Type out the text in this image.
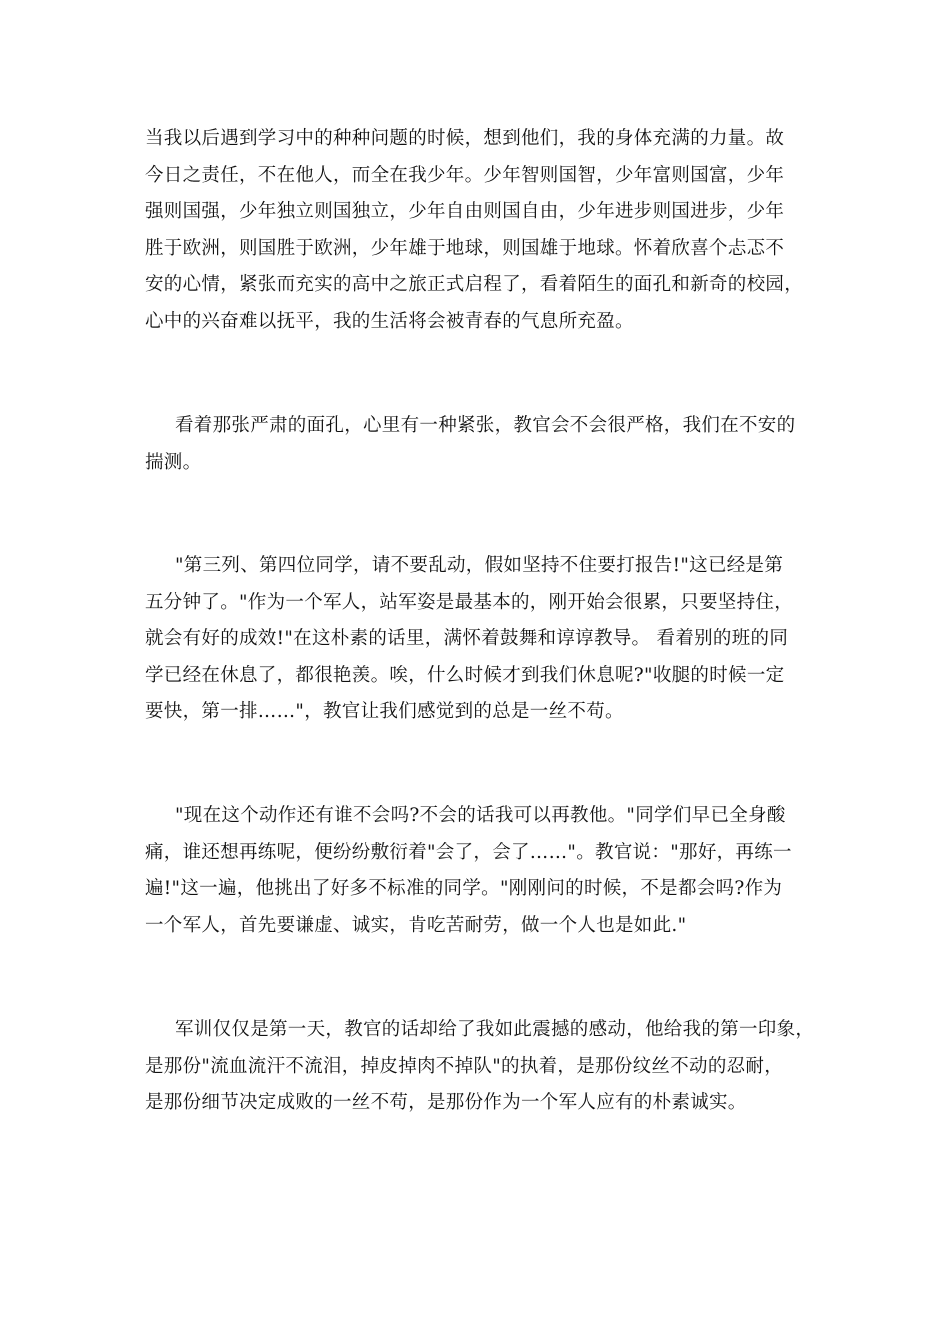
当我以后遇到学习中的种种问题的时候，想到他们，我的身体充满的力量。故
今日之责任，不在他人，而全在我少年。少年智则国智，少年富则国富，少年
强则国强，少年独立则国独立，少年自由则国自由，少年进步则国进步，少年
胜于欧洲，则国胜于欧洲，少年雄于地球，则国雄于地球。怀着欣喜个忐忑不
安的心情，紧张而充实的高中之旅正式启程了，看着陌生的面孔和新奇的校园，
心中的兴奋难以抚平，我的生活将会被青春的气息所充盈。
看着那张严肃的面孔，心里有一种紧张，教官会不会很严格，我们在不安的
揣测。
"第三列、第四位同学，请不要乱动，假如坚持不住要打报告!"这已经是第
五分钟了。"作为一个军人，站军姿是最基本的，刚开始会很累，只要坚持住，
就会有好的成效!"在这朴素的话里，满怀着鼓舞和谆谆教导。 看着别的班的同
学已经在休息了，都很艳羡。唉，什么时候才到我们休息呢?"收腿的时候一定
要快，第一排……"，教官让我们感觉到的总是一丝不苟。
"现在这个动作还有谁不会吗?不会的话我可以再教他。"同学们早已全身酸
痛，谁还想再练呢，便纷纷敷衍着"会了，会了……"。教官说："那好，再练一
遍!"这一遍，他挑出了好多不标准的同学。"刚刚问的时候，不是都会吗?作为
一个军人，首先要谦虚、诚实，肯吃苦耐劳，做一个人也是如此."
军训仅仅是第一天，教官的话却给了我如此震撼的感动，他给我的第一印象，
是那份"流血流汗不流泪，掉皮掉肉不掉队"的执着，是那份纹丝不动的忍耐，
是那份细节决定成败的一丝不苟，是那份作为一个军人应有的朴素诚实。
